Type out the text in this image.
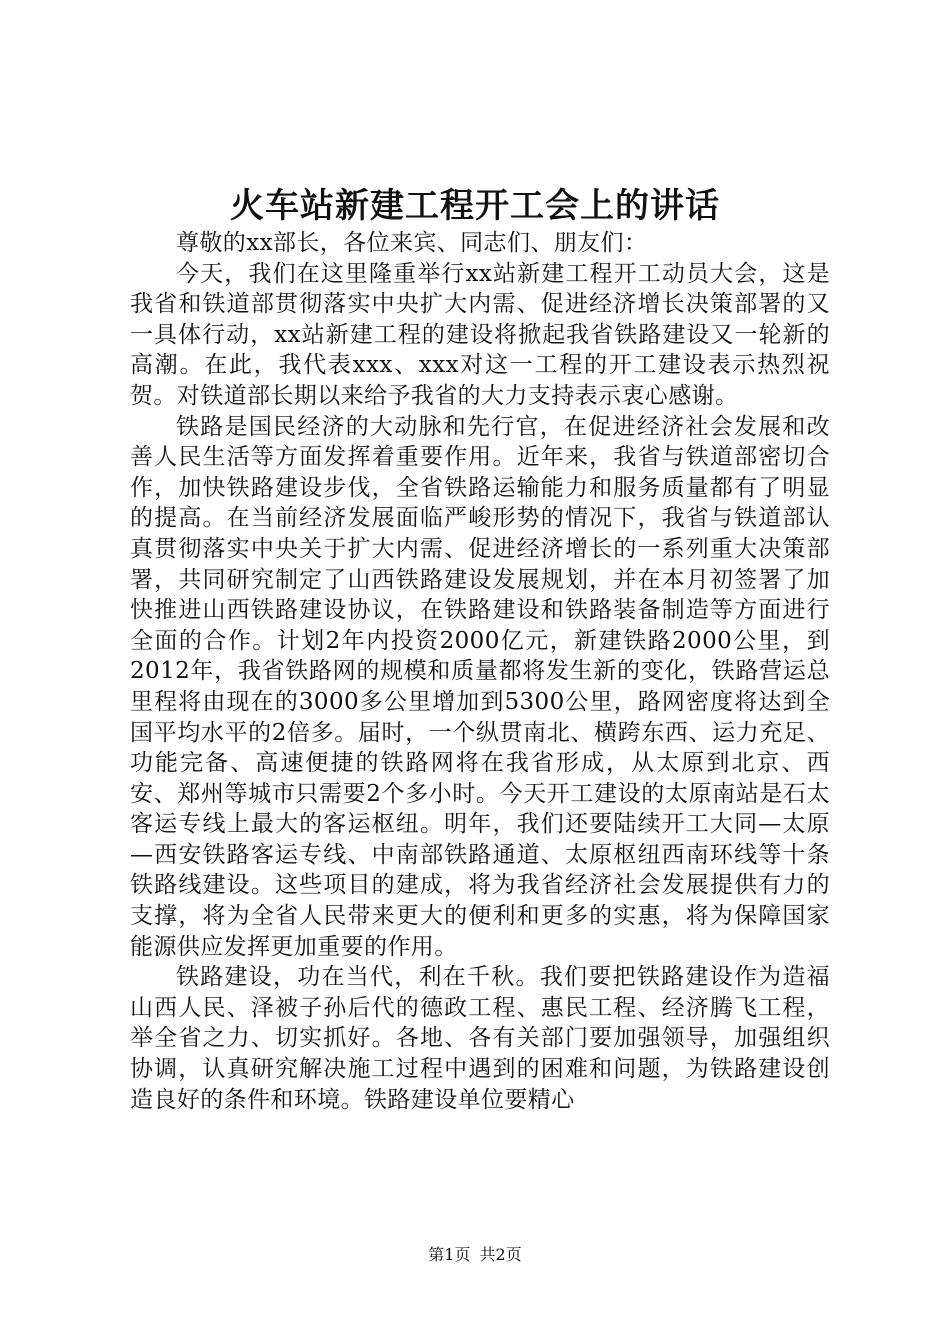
火车站新建工程开工会上的讲话

尊敬的xx部长，各位来宾、同志们、朋友们：

今天，我们在这里隆重举行xx站新建工程开工动员大会，这是我省和铁道部贯彻落实中央扩大内需、促进经济增长决策部署的又一具体行动，xx站新建工程的建设将掀起我省铁路建设又一轮新的高潮。在此，我代表xxx、xxx对这一工程的开工建设表示热烈祝贺。对铁道部长期以来给予我省的大力支持表示衷心感谢。

铁路是国民经济的大动脉和先行官，在促进经济社会发展和改善人民生活等方面发挥着重要作用。近年来，我省与铁道部密切合作，加快铁路建设步伐，全省铁路运输能力和服务质量都有了明显的提高。在当前经济发展面临严峻形势的情况下，我省与铁道部认真贯彻落实中央关于扩大内需、促进经济增长的一系列重大决策部署，共同研究制定了山西铁路建设发展规划，并在本月初签署了加快推进山西铁路建设协议，在铁路建设和铁路装备制造等方面进行全面的合作。计划2年内投资2000亿元，新建铁路2000公里，到2012年，我省铁路网的规模和质量都将发生新的变化，铁路营运总里程将由现在的3000多公里增加到5300公里，路网密度将达到全国平均水平的2倍多。届时，一个纵贯南北、横跨东西、运力充足、功能完备、高速便捷的铁路网将在我省形成，从太原到北京、西安、郑州等城市只需要2个多小时。今天开工建设的太原南站是石太客运专线上最大的客运枢纽。明年，我们还要陆续开工大同—太原—西安铁路客运专线、中南部铁路通道、太原枢纽西南环线等十条铁路线建设。这些项目的建成，将为我省经济社会发展提供有力的支撑，将为全省人民带来更大的便利和更多的实惠，将为保障国家能源供应发挥更加重要的作用。

铁路建设，功在当代，利在千秋。我们要把铁路建设作为造福山西人民、泽被子孙后代的德政工程、惠民工程、经济腾飞工程，举全省之力、切实抓好。各地、各有关部门要加强领导，加强组织协调，认真研究解决施工过程中遇到的困难和问题，为铁路建设创造良好的条件和环境。铁路建设单位要精心

第1页 共2页
